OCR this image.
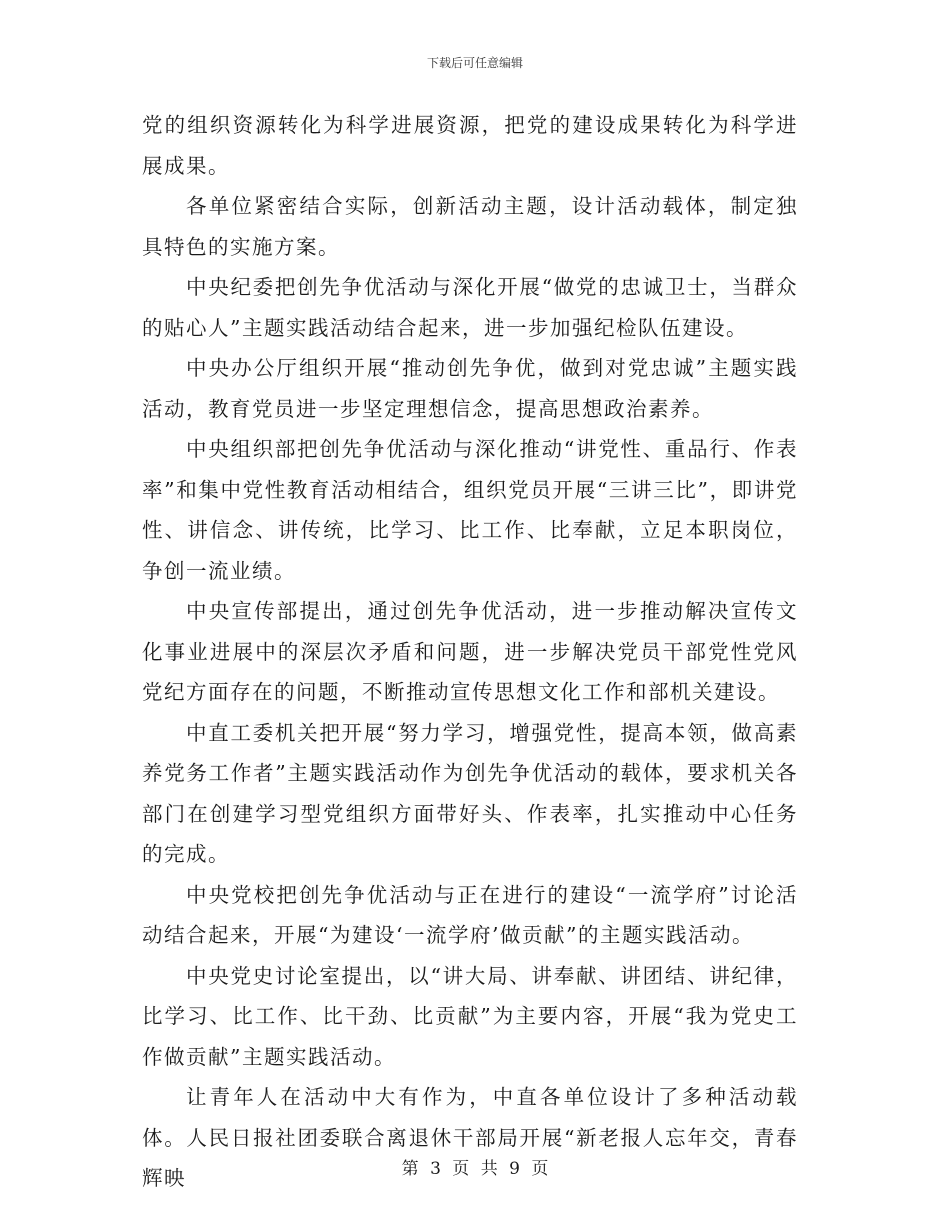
下载后可任意编辑

党的组织资源转化为科学进展资源，把党的建设成果转化为科学进展成果。

各单位紧密结合实际，创新活动主题，设计活动载体，制定独具特色的实施方案。

中央纪委把创先争优活动与深化开展“做党的忠诚卫士，当群众的贴心人”主题实践活动结合起来，进一步加强纪检队伍建设。

中央办公厅组织开展“推动创先争优，做到对党忠诚”主题实践活动，教育党员进一步坚定理想信念，提高思想政治素养。

中央组织部把创先争优活动与深化推动“讲党性、重品行、作表率”和集中党性教育活动相结合，组织党员开展“三讲三比”，即讲党性、讲信念、讲传统，比学习、比工作、比奉献，立足本职岗位，争创一流业绩。

中央宣传部提出，通过创先争优活动，进一步推动解决宣传文化事业进展中的深层次矛盾和问题，进一步解决党员干部党性党风党纪方面存在的问题，不断推动宣传思想文化工作和部机关建设。

中直工委机关把开展“努力学习，增强党性，提高本领，做高素养党务工作者”主题实践活动作为创先争优活动的载体，要求机关各部门在创建学习型党组织方面带好头、作表率，扎实推动中心任务的完成。

中央党校把创先争优活动与正在进行的建设“一流学府”讨论活动结合起来，开展“为建设‘一流学府’做贡献”的主题实践活动。

中央党史讨论室提出，以“讲大局、讲奉献、讲团结、讲纪律，比学习、比工作、比干劲、比贡献”为主要内容，开展“我为党史工作做贡献”主题实践活动。

让青年人在活动中大有作为，中直各单位设计了多种活动载体。人民日报社团委联合离退休干部局开展“新老报人忘年交，青春辉映	第 3 页 共 9 页
